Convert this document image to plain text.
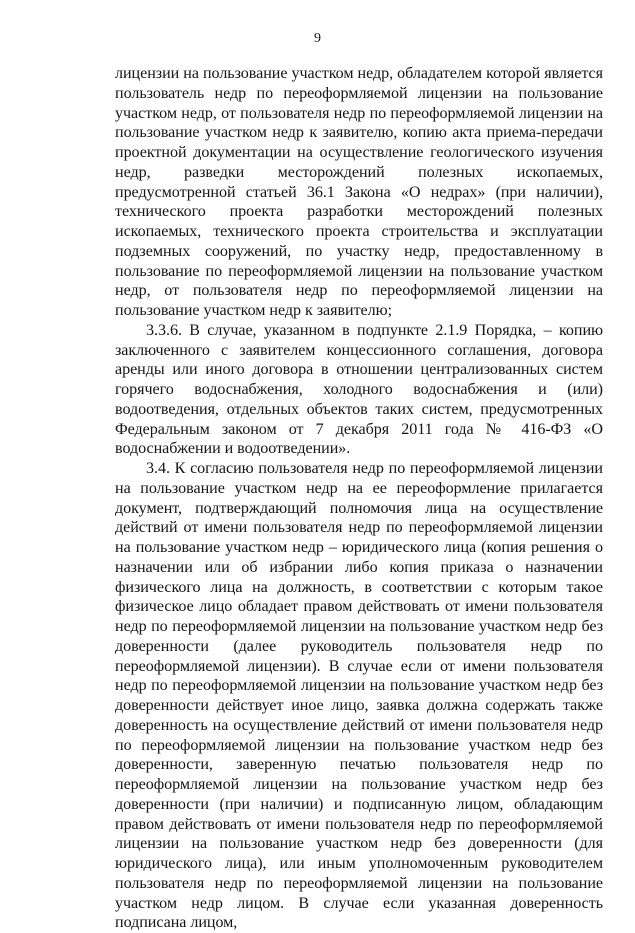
9

лицензии на пользование участком недр, обладателем которой является пользователь недр по переоформляемой лицензии на пользование участком недр, от пользователя недр по переоформляемой лицензии на пользование участком недр к заявителю, копию акта приема-передачи проектной документации на осуществление геологического изучения недр, разведки месторождений полезных ископаемых, предусмотренной статьей 36.1 Закона «О недрах» (при наличии), технического проекта разработки месторождений полезных ископаемых, технического проекта строительства и эксплуатации подземных сооружений, по участку недр, предоставленному в пользование по переоформляемой лицензии на пользование участком недр, от пользователя недр по переоформляемой лицензии на пользование участком недр к заявителю;

3.3.6. В случае, указанном в подпункте 2.1.9 Порядка, – копию заключенного с заявителем концессионного соглашения, договора аренды или иного договора в отношении централизованных систем горячего водоснабжения, холодного водоснабжения и (или) водоотведения, отдельных объектов таких систем, предусмотренных Федеральным законом от 7 декабря 2011 года № 416-ФЗ «О водоснабжении и водоотведении».

3.4. К согласию пользователя недр по переоформляемой лицензии на пользование участком недр на ее переоформление прилагается документ, подтверждающий полномочия лица на осуществление действий от имени пользователя недр по переоформляемой лицензии на пользование участком недр – юридического лица (копия решения о назначении или об избрании либо копия приказа о назначении физического лица на должность, в соответствии с которым такое физическое лицо обладает правом действовать от имени пользователя недр по переоформляемой лицензии на пользование участком недр без доверенности (далее руководитель пользователя недр по переоформляемой лицензии). В случае если от имени пользователя недр по переоформляемой лицензии на пользование участком недр без доверенности действует иное лицо, заявка должна содержать также доверенность на осуществление действий от имени пользователя недр по переоформляемой лицензии на пользование участком недр без доверенности, заверенную печатью пользователя недр по переоформляемой лицензии на пользование участком недр без доверенности (при наличии) и подписанную лицом, обладающим правом действовать от имени пользователя недр по переоформляемой лицензии на пользование участком недр без доверенности (для юридического лица), или иным уполномоченным руководителем пользователя недр по переоформляемой лицензии на пользование участком недр лицом. В случае если указанная доверенность подписана лицом,
